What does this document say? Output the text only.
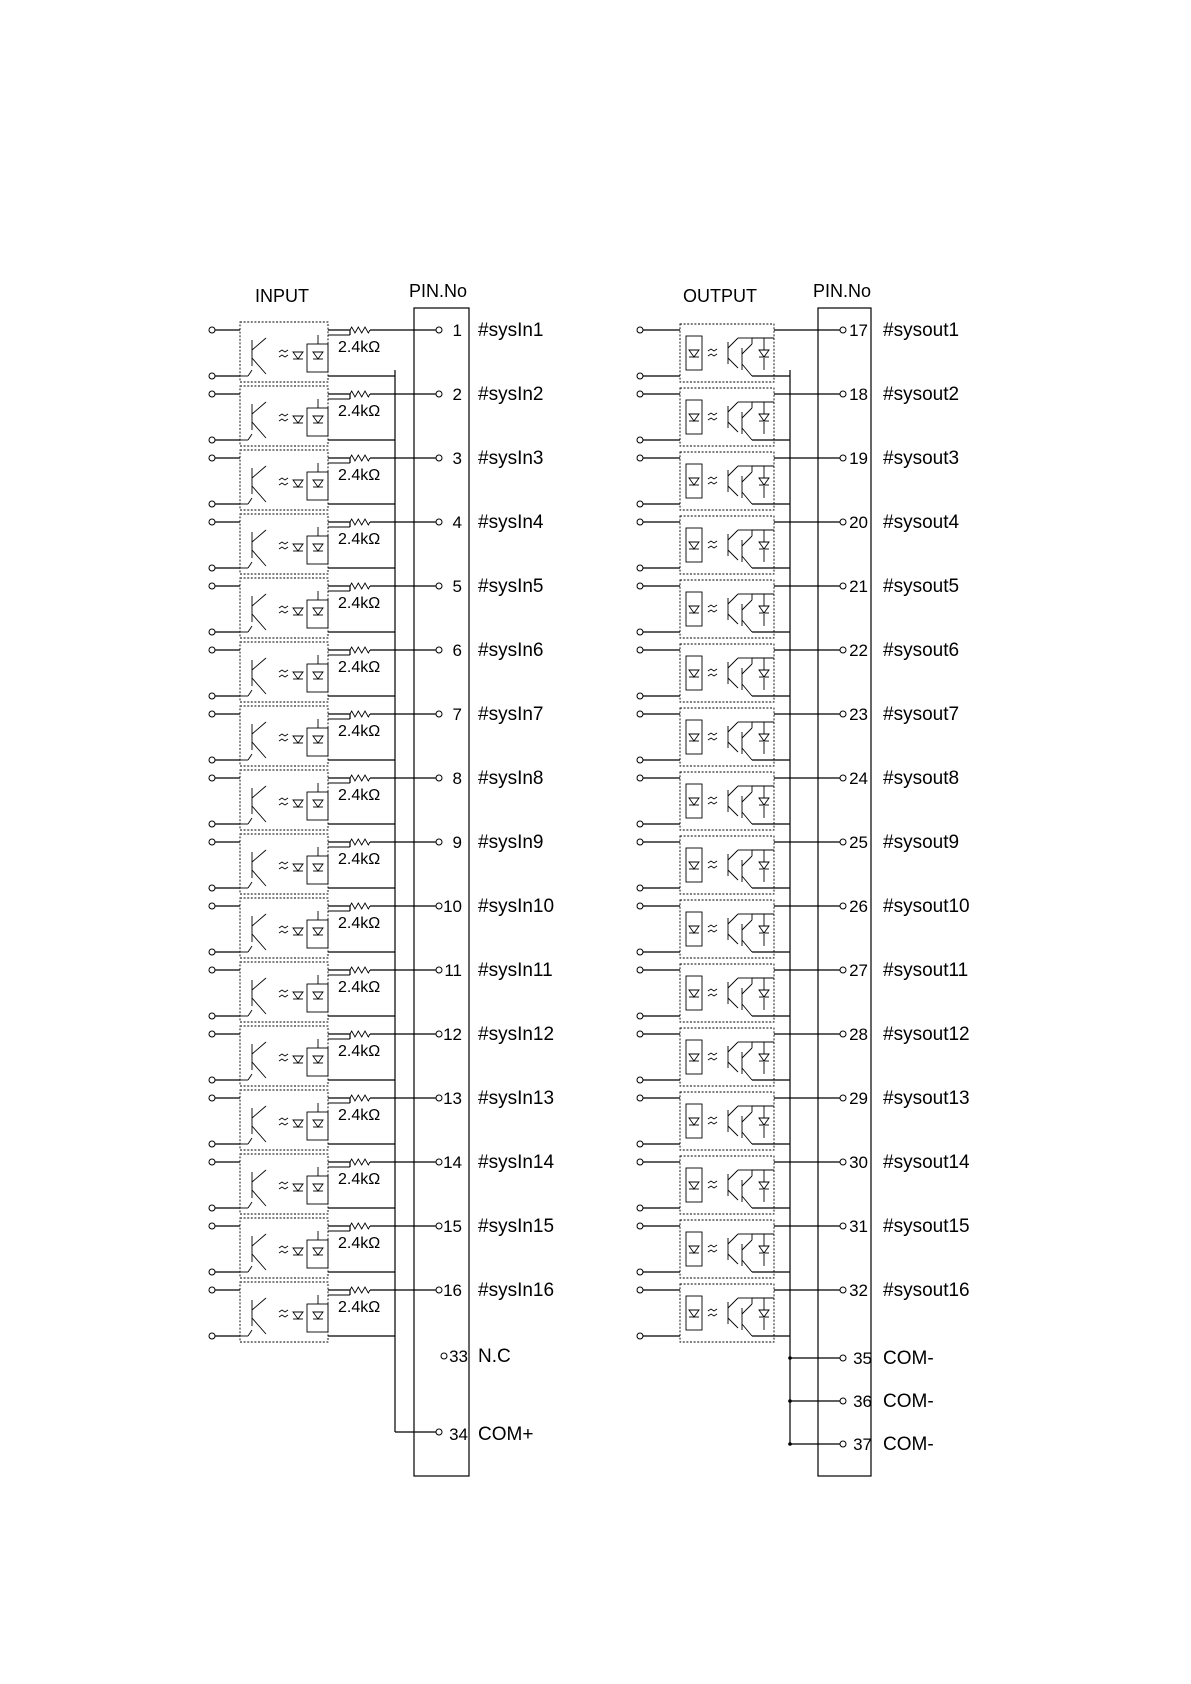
INPUT	PIN.No	OUTPUT	PIN.No
2.4kΩ
1 #sysIn1
2.4kΩ
2 #sysIn2
2.4kΩ
3 #sysIn3
2.4kΩ
4 #sysIn4
2.4kΩ
5 #sysIn5
2.4kΩ
6 #sysIn6
2.4kΩ
7 #sysIn7
2.4kΩ
8 #sysIn8
2.4kΩ
9 #sysIn9
2.4kΩ
10 #sysIn10
2.4kΩ
11 #sysIn11
2.4kΩ
12 #sysIn12
2.4kΩ
13 #sysIn13
2.4kΩ
14 #sysIn14
2.4kΩ
15 #sysIn15
2.4kΩ
16 #sysIn16
17 #sysout1
18 #sysout2
19 #sysout3
20 #sysout4
21 #sysout5
22 #sysout6
23 #sysout7
24 #sysout8
25 #sysout9
26 #sysout10
27 #sysout11
28 #sysout12
29 #sysout13
30 #sysout14
31 #sysout15
32 #sysout16
33 N.C
34 COM+
35 COM-
36 COM-
37 COM-
